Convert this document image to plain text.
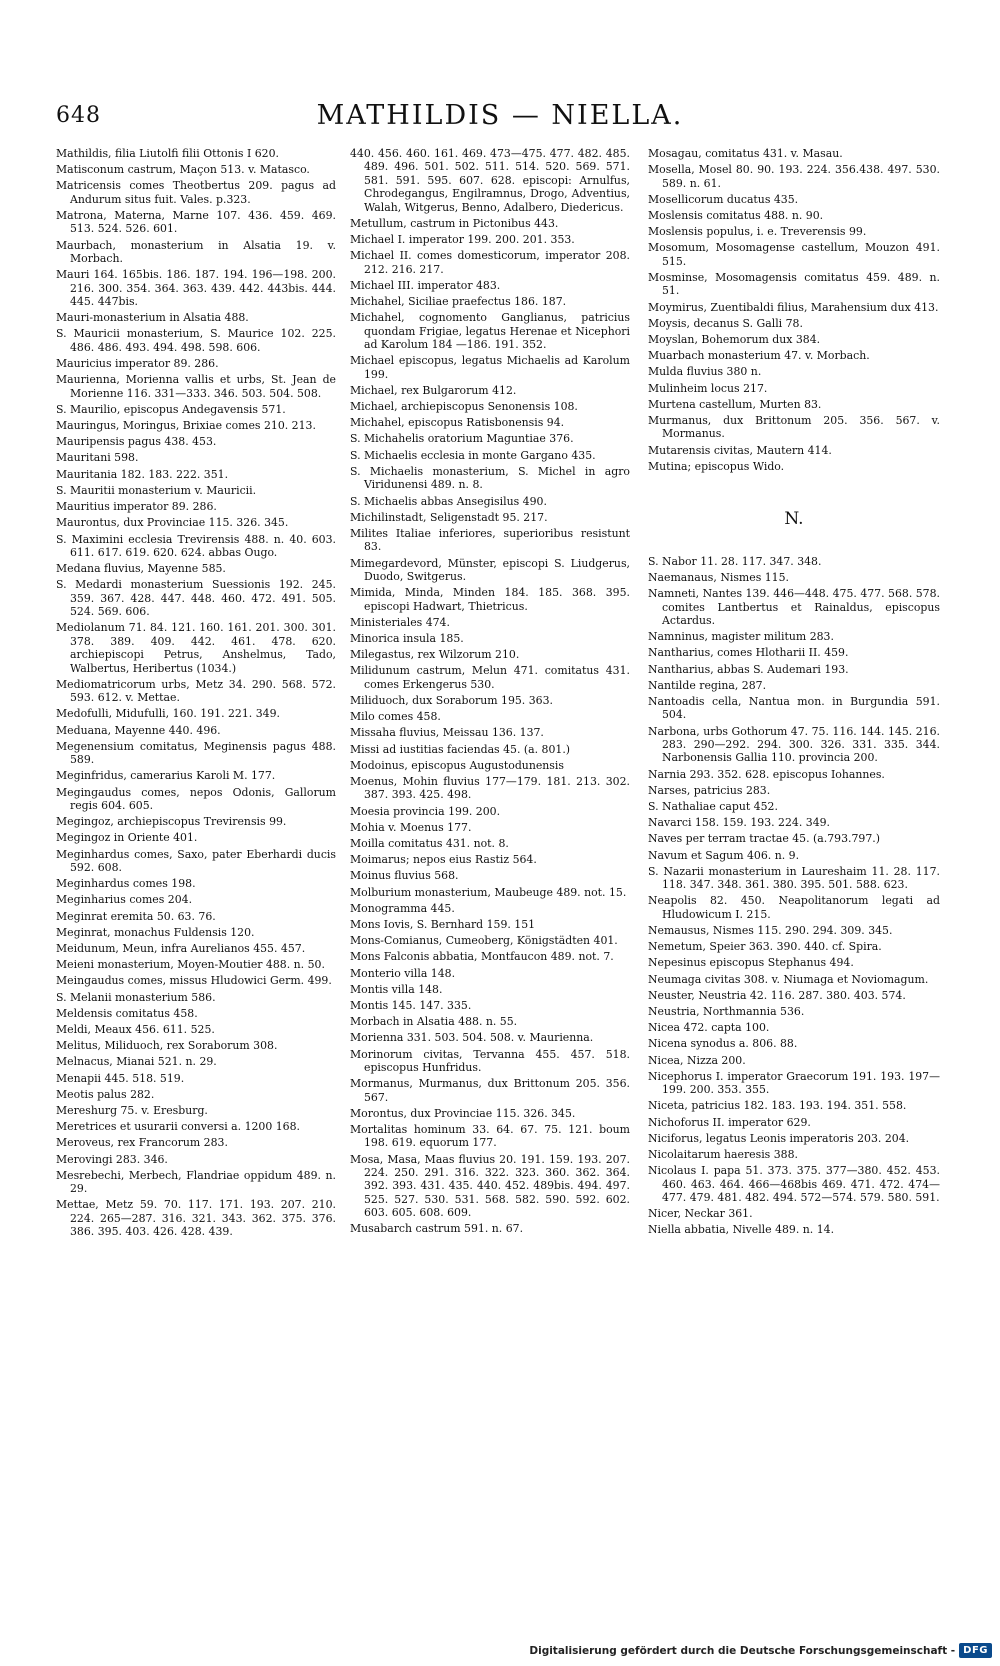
648	MATHILDIS — NIELLA.

Mathildis, filia Liutolfi filii Ottonis I 620.

Matisconum castrum, Maçon 513. v. Matasco.

Matricensis comes Theotbertus 209. pagus ad Andurum situs fuit. Vales. p.323.

Matrona, Materna, Marne 107. 436. 459. 469. 513. 524. 526. 601.

Maurbach, monasterium in Alsatia 19. v. Morbach.

Mauri 164. 165bis. 186. 187. 194. 196—198. 200. 216. 300. 354. 364. 363. 439. 442. 443bis. 444. 445. 447bis.

Mauri-monasterium in Alsatia 488.

S. Mauricii monasterium, S. Maurice 102. 225. 486. 486. 493. 494. 498. 598. 606.

Mauricius imperator 89. 286.

Maurienna, Morienna vallis et urbs, St. Jean de Morienne 116. 331—333. 346. 503. 504. 508.

S. Maurilio, episcopus Andegavensis 571.

Mauringus, Moringus, Brixiae comes 210. 213.

Mauripensis pagus 438. 453.

Mauritani 598.

Mauritania 182. 183. 222. 351.

S. Mauritii monasterium v. Mauricii.

Mauritius imperator 89. 286.

Maurontus, dux Provinciae 115. 326. 345.

S. Maximini ecclesia Trevirensis 488. n. 40. 603. 611. 617. 619. 620. 624. abbas Ougo.

Medana fluvius, Mayenne 585.

S. Medardi monasterium Suessionis 192. 245. 359. 367. 428. 447. 448. 460. 472. 491. 505. 524. 569. 606.

Mediolanum 71. 84. 121. 160. 161. 201. 300. 301. 378. 389. 409. 442. 461. 478. 620. archiepiscopi Petrus, Anshelmus, Tado, Walbertus, Heribertus (1034.)

Mediomatricorum urbs, Metz 34. 290. 568. 572. 593. 612. v. Mettae.

Medofulli, Midufulli, 160. 191. 221. 349.

Meduana, Mayenne 440. 496.

Megenensium comitatus, Meginensis pagus 488. 589.

Meginfridus, camerarius Karoli M. 177.

Megingaudus comes, nepos Odonis, Gallorum regis 604. 605.

Megingoz, archiepiscopus Trevirensis 99.

Megingoz in Oriente 401.

Meginhardus comes, Saxo, pater Eberhardi ducis 592. 608.

Meginhardus comes 198.

Meginharius comes 204.

Meginrat eremita 50. 63. 76.

Meginrat, monachus Fuldensis 120.

Meidunum, Meun, infra Aurelianos 455. 457.

Meieni monasterium, Moyen-Moutier 488. n. 50.

Meingaudus comes, missus Hludowici Germ. 499.

S. Melanii monasterium 586.

Meldensis comitatus 458.

Meldi, Meaux 456. 611. 525.

Melitus, Miliduoch, rex Soraborum 308.

Melnacus, Mianai 521. n. 29.

Menapii 445. 518. 519.

Meotis palus 282.

Mereshurg 75. v. Eresburg.

Meretrices et usurarii conversi a. 1200 168.

Meroveus, rex Francorum 283.

Merovingi 283. 346.

Mesrebechi, Merbech, Flandriae oppidum 489. n. 29.

Mettae, Metz 59. 70. 117. 171. 193. 207. 210. 224. 265—287. 316. 321. 343. 362. 375. 376. 386. 395. 403. 426. 428. 439.

440. 456. 460. 161. 469. 473—475. 477. 482. 485. 489. 496. 501. 502. 511. 514. 520. 569. 571. 581. 591. 595. 607. 628. episcopi: Arnulfus, Chrodegangus, Engilramnus, Drogo, Adventius, Walah, Witgerus, Benno, Adalbero, Diedericus.

Metullum, castrum in Pictonibus 443.

Michael I. imperator 199. 200. 201. 353.

Michael II. comes domesticorum, imperator 208. 212. 216. 217.

Michael III. imperator 483.

Michahel, Siciliae praefectus 186. 187.

Michahel, cognomento Ganglianus, patricius quondam Frigiae, legatus Herenae et Nicephori ad Karolum 184 —186. 191. 352.

Michael episcopus, legatus Michaelis ad Karolum 199.

Michael, rex Bulgarorum 412.

Michael, archiepiscopus Senonensis 108.

Michahel, episcopus Ratisbonensis 94.

S. Michahelis oratorium Maguntiae 376.

S. Michaelis ecclesia in monte Gargano 435.

S. Michaelis monasterium, S. Michel in agro Viridunensi 489. n. 8.

S. Michaelis abbas Ansegisilus 490.

Michilinstadt, Seligenstadt 95. 217.

Milites Italiae inferiores, superioribus resistunt 83.

Mimegardevord, Münster, episcopi S. Liudgerus, Duodo, Switgerus.

Mimida, Minda, Minden 184. 185. 368. 395. episcopi Hadwart, Thietricus.

Ministeriales 474.

Minorica insula 185.

Milegastus, rex Wilzorum 210.

Milidunum castrum, Melun 471. comitatus 431. comes Erkengerus 530.

Miliduoch, dux Soraborum 195. 363.

Milo comes 458.

Missaha fluvius, Meissau 136. 137.

Missi ad iustitias faciendas 45. (a. 801.)

Modoinus, episcopus Augustodunensis

Moenus, Mohin fluvius 177—179. 181. 213. 302. 387. 393. 425. 498.

Moesia provincia 199. 200.

Mohia v. Moenus 177.

Moilla comitatus 431. not. 8.

Moimarus; nepos eius Rastiz 564.

Moinus fluvius 568.

Molburium monasterium, Maubeuge 489. not. 15.

Monogramma 445.

Mons Iovis, S. Bernhard 159. 151

Mons-Comianus, Cumeoberg, Königstädten 401.

Mons Falconis abbatia, Montfaucon 489. not. 7.

Monterio villa 148.

Montis villa 148.

Montis 145. 147. 335.

Morbach in Alsatia 488. n. 55.

Morienna 331. 503. 504. 508. v. Maurienna.

Morinorum civitas, Tervanna 455. 457. 518. episcopus Hunfridus.

Mormanus, Murmanus, dux Brittonum 205. 356. 567.

Morontus, dux Provinciae 115. 326. 345.

Mortalitas hominum 33. 64. 67. 75. 121. boum 198. 619. equorum 177.

Mosa, Masa, Maas fluvius 20. 191. 159. 193. 207. 224. 250. 291. 316. 322. 323. 360. 362. 364. 392. 393. 431. 435. 440. 452. 489bis. 494. 497. 525. 527. 530. 531. 568. 582. 590. 592. 602. 603. 605. 608. 609.

Musabarch castrum 591. n. 67.

Mosagau, comitatus 431. v. Masau.

Mosella, Mosel 80. 90. 193. 224. 356.438. 497. 530. 589. n. 61.

Mosellicorum ducatus 435.

Moslensis comitatus 488. n. 90.

Moslensis populus, i. e. Treverensis 99.

Mosomum, Mosomagense castellum, Mouzon 491. 515.

Mosminse, Mosomagensis comitatus 459. 489. n. 51.

Moymirus, Zuentibaldi filius, Marahensium dux 413.

Moysis, decanus S. Galli 78.

Moyslan, Bohemorum dux 384.

Muarbach monasterium 47. v. Morbach.

Mulda fluvius 380 n.

Mulinheim locus 217.

Murtena castellum, Murten 83.

Murmanus, dux Brittonum 205. 356. 567. v. Mormanus.

Mutarensis civitas, Mautern 414.

Mutina; episcopus Wido.

N.

S. Nabor 11. 28. 117. 347. 348.

Naemanaus, Nismes 115.

Namneti, Nantes 139. 446—448. 475. 477. 568. 578. comites Lantbertus et Rainaldus, episcopus Actardus.

Namninus, magister militum 283.

Nantharius, comes Hlotharii II. 459.

Nantharius, abbas S. Audemari 193.

Nantilde regina, 287.

Nantoadis cella, Nantua mon. in Burgundia 591. 504.

Narbona, urbs Gothorum 47. 75. 116. 144. 145. 216. 283. 290—292. 294. 300. 326. 331. 335. 344. Narbonensis Gallia 110. provincia 200.

Narnia 293. 352. 628. episcopus Iohannes.

Narses, patricius 283.

S. Nathaliae caput 452.

Navarci 158. 159. 193. 224. 349.

Naves per terram tractae 45. (a.793.797.)

Navum et Sagum 406. n. 9.

S. Nazarii monasterium in Laureshaim 11. 28. 117. 118. 347. 348. 361. 380. 395. 501. 588. 623.

Neapolis 82. 450. Neapolitanorum legati ad Hludowicum I. 215.

Nemausus, Nismes 115. 290. 294. 309. 345.

Nemetum, Speier 363. 390. 440. cf. Spira.

Nepesinus episcopus Stephanus 494.

Neumaga civitas 308. v. Niumaga et Noviomagum.

Neuster, Neustria 42. 116. 287. 380. 403. 574.

Neustria, Northmannia 536.

Nicea 472. capta 100.

Nicena synodus a. 806. 88.

Nicea, Nizza 200.

Nicephorus I. imperator Graecorum 191. 193. 197—199. 200. 353. 355.

Niceta, patricius 182. 183. 193. 194. 351. 558.

Nichoforus II. imperator 629.

Niciforus, legatus Leonis imperatoris 203. 204.

Nicolaitarum haeresis 388.

Nicolaus I. papa 51. 373. 375. 377—380. 452. 453. 460. 463. 464. 466—468bis 469. 471. 472. 474—477. 479. 481. 482. 494. 572—574. 579. 580. 591.

Nicer, Neckar 361.

Niella abbatia, Nivelle 489. n. 14.

Digitalisierung gefördert durch die Deutsche Forschungsgemeinschaft - DFG
